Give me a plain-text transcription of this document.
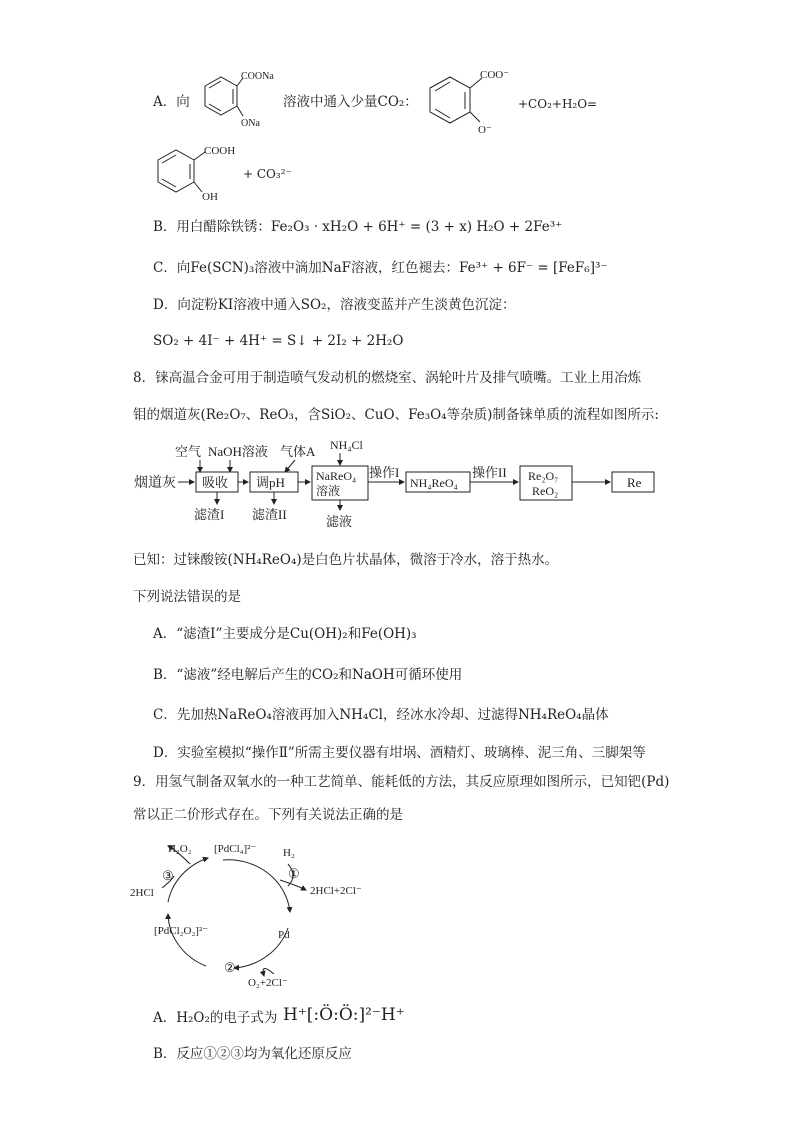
A．向
COONa
ONa
溶液中通入少量CO₂：
COO⁻
O⁻
+CO₂+H₂O=
COOH
OH
+ CO₃²⁻
B．用白醋除铁锈：Fe₂O₃ · xH₂O + 6H⁺ = (3 + x) H₂O + 2Fe³⁺
C．向Fe(SCN)₃溶液中滴加NaF溶液，红色褪去：Fe³⁺ + 6F⁻ = [FeF₆]³⁻
D．向淀粉KI溶液中通入SO₂，溶液变蓝并产生淡黄色沉淀：
SO₂ + 4I⁻ + 4H⁺ = S↓ + 2I₂ + 2H₂O
8．铼高温合金可用于制造喷气发动机的燃烧室、涡轮叶片及排气喷嘴。工业上用冶炼
钼的烟道灰(Re₂O₇、ReO₃，含SiO₂、CuO、Fe₃O₄等杂质)制备铼单质的流程如图所示:
空气 NaOH溶液 气体A NH₄Cl
烟道灰 吸收 调pH	NaReO₄
溶液
操作I
NH₄ReO₄
操作II Re₂O₇
ReO₂
Re
滤渣I 滤渣II	滤液
已知：过铼酸铵(NH₄ReO₄)是白色片状晶体，微溶于冷水，溶于热水。
下列说法错误的是
A．“滤渣Ⅰ”主要成分是Cu(OH)₂和Fe(OH)₃
B．“滤液”经电解后产生的CO₂和NaOH可循环使用
C．先加热NaReO₄溶液再加入NH₄Cl，经冰水冷却、过滤得NH₄ReO₄晶体
D．实验室模拟“操作Ⅱ”所需主要仪器有坩埚、酒精灯、玻璃棒、泥三角、三脚架等
9．用氢气制备双氧水的一种工艺简单、能耗低的方法，其反应原理如图所示，已知钯(Pd)
常以正二价形式存在。下列有关说法正确的是
[PdCl₄]²⁻
H₂O₂	H₂
①
2HCl+2Cl⁻
③
2HCl
[PdCl₂O₂]²⁻	Pd
②
O₂+2Cl⁻
A．H₂O₂的电子式为 H⁺[:Ö:Ö:]²⁻H⁺
B．反应①②③均为氧化还原反应
